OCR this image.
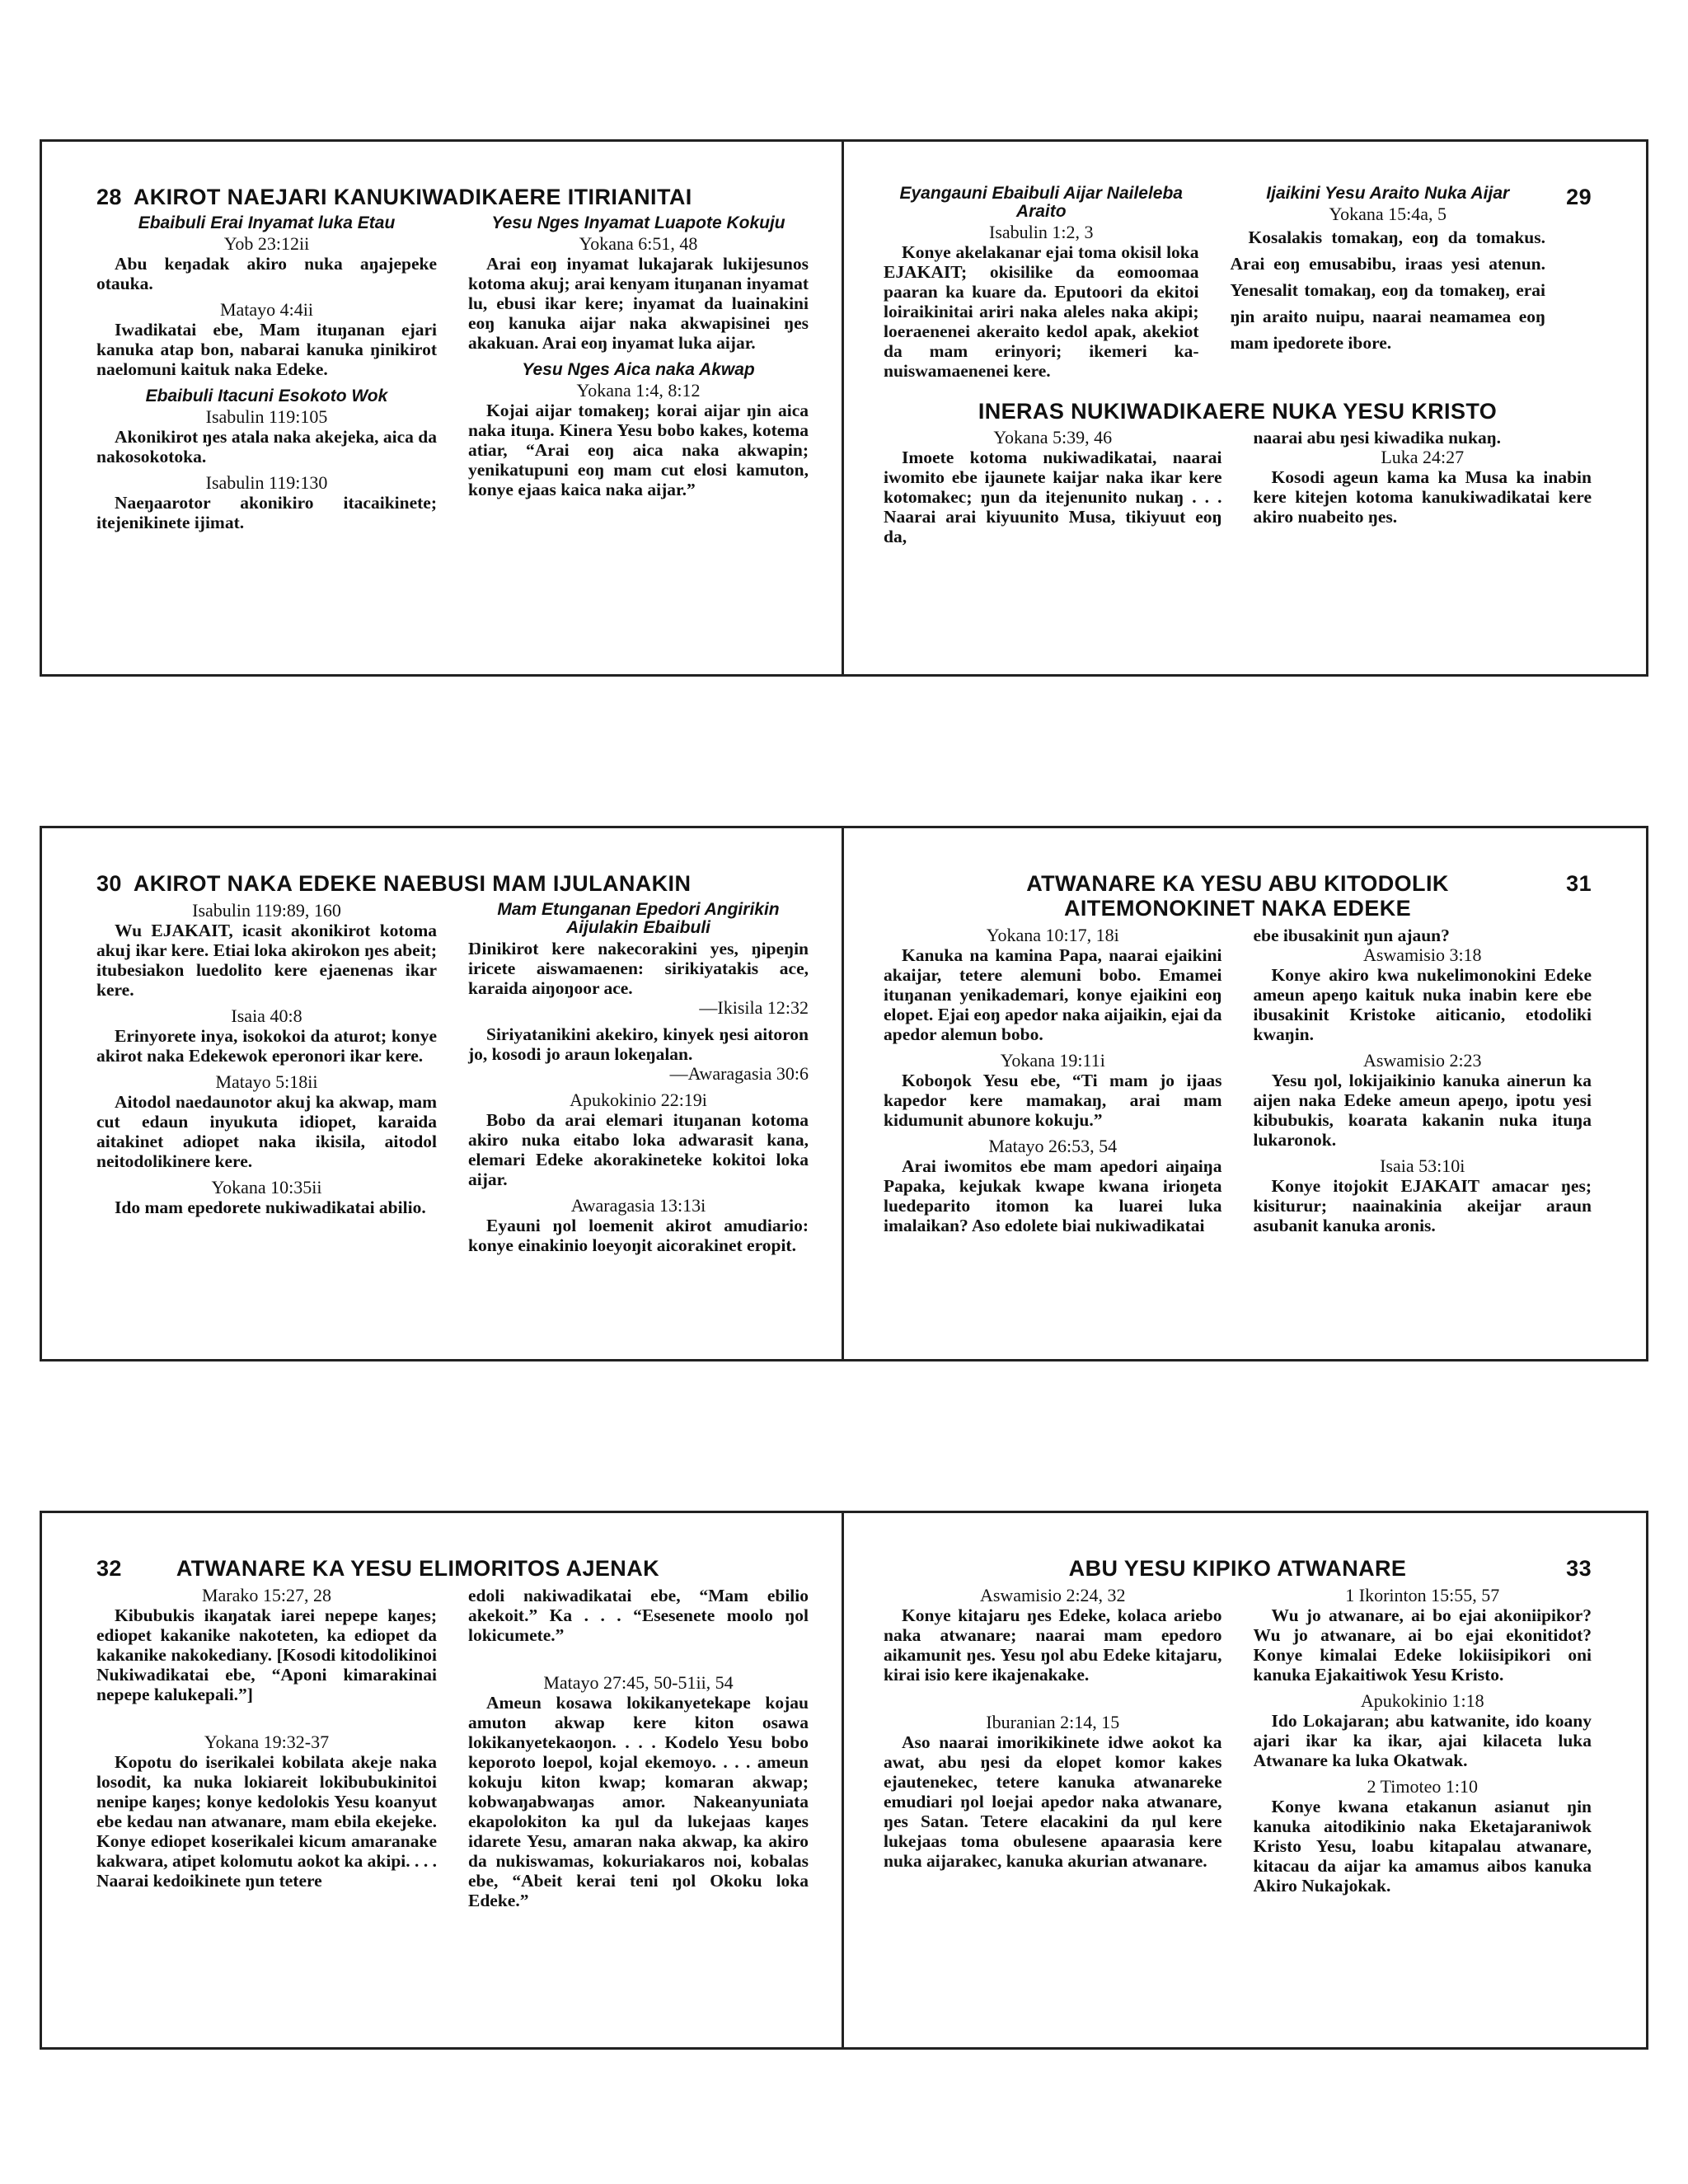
28 AKIROT NAEJARI KANUKIWADIKAERE ITIRIANITAI
Ebaibuli Erai Inyamat luka Etau
Yob 23:12ii
Abu keŋadak akiro nuka aŋajepeke otauka.
Matayo 4:4ii
Iwadikatai ebe, Mam ituŋanan ejari kanuka atap bon, nabarai kanuka ŋinikirot naelomuni kaituk naka Edeke.
Ebaibuli Itacuni Esokoto Wok
Isabulin 119:105
Akonikirot ŋes atala naka akejeka, aica da nakosokotoka.
Isabulin 119:130
Naeŋaarotor akonikiro itacaikinete; itejenikinete ijimat.
Yesu Nges Inyamat Luapote Kokuju
Yokana 6:51, 48
Arai eoŋ inyamat lukajarak lukijesunos kotoma akuj; arai kenyam ituŋanan inyamat lu, ebusi ikar kere; inyamat da luainakini eoŋ kanuka aijar naka akwapisinei ŋes akakuan. Arai eoŋ inyamat luka aijar.
Yesu Nges Aica naka Akwap
Yokana 1:4, 8:12
Kojai aijar tomakeŋ; korai aijar ŋin aica naka ituŋa. Kinera Yesu bobo kakes, kotema atiar, “Arai eoŋ aica naka akwapin; yenikatupuni eoŋ mam cut elosi kamuton, konye ejaas kaica naka aijar.”
29
Eyangauni Ebaibuli Aijar Naileleba Araito
Isabulin 1:2, 3
Konye akelakanar ejai toma okisil loka EJAKAIT; okisilike da eomoomaa paaran ka kuare da. Eputoori da ekitoi loiraikinitai ariri naka aleles naka akipi; loeraenenei akeraito kedol apak, akekiot da mam erinyori; ikemeri kanuiswamaenenei kere.
Ijaikini Yesu Araito Nuka Aijar
Yokana 15:4a, 5
Kosalakis tomakaŋ, eoŋ da tomakus. Arai eoŋ emusabibu, iraas yesi atenun. Yenesalit tomakaŋ, eoŋ da tomakeŋ, erai ŋin araito nuipu, naarai neamamea eoŋ mam ipedorete ibore.
INERAS NUKIWADIKAERE NUKA YESU KRISTO
Yokana 5:39, 46
Imoete kotoma nukiwadikatai, naarai iwomito ebe ijaunete kaijar naka ikar kere kotomakec; ŋun da itejenunito nukaŋ . . . Naarai arai kiyuunito Musa, tikiyuut eoŋ da,
naarai abu ŋesi kiwadika nukaŋ.
Luka 24:27
Kosodi ageun kama ka Musa ka inabin kere kitejen kotoma kanukiwadikatai kere akiro nuabeito ŋes.
30 AKIROT NAKA EDEKE NAEBUSI MAM IJULANAKIN
Isabulin 119:89, 160
Wu EJAKAIT, icasit akonikirot kotoma akuj ikar kere. Etiai loka akirokon ŋes abeit; itubesiakon luedolito kere ejaenenas ikar kere.
Isaia 40:8
Erinyorete inya, isokokoi da aturot; konye akirot naka Edekewok eperonori ikar kere.
Matayo 5:18ii
Aitodol naedaunotor akuj ka akwap, mam cut edaun inyukuta idiopet, karaida aitakinet adiopet naka ikisila, aitodol neitodolikinere kere.
Yokana 10:35ii
Ido mam epedorete nukiwadikatai abilio.
Mam Etunganan Epedori Angirikin Aijulakin Ebaibuli
Ŋinikirot kere nakecorakini yes, ŋipeŋin iricete aiswamaenen: sirikiyatakis ace, karaida aiŋoŋoor ace.
—Ikisila 12:32
Siriyatanikini akekiro, kinyek ŋesi aitoron jo, kosodi jo araun lokeŋalan.
—Awaragasia 30:6
Apukokinio 22:19i
Bobo da arai elemari ituŋanan kotoma akiro nuka eitabo loka adwarasit kana, elemari Edeke akorakineteke kokitoi loka aijar.
Awaragasia 13:13i
Eyauni ŋol loemenit akirot amudiario: konye einakinio loeyoŋit aicorakinet eropit.
ATWANARE KA YESU ABU KITODOLIK AITEMONOKINET NAKA EDEKE
31
Yokana 10:17, 18i
Kanuka na kamina Papa, naarai ejaikini akaijar, tetere alemuni bobo. Emamei ituŋanan yenikademari, konye ejaikini eoŋ elopet. Ejai eoŋ apedor naka aijaikin, ejai da apedor alemun bobo.
Yokana 19:11i
Koboŋok Yesu ebe, “Ti mam jo ijaas kapedor kere mamakaŋ, arai mam kidumunit abunore kokuju.”
Matayo 26:53, 54
Arai iwomitos ebe mam apedori aiŋaiŋa Papaka, kejukak kwape kwana irioŋeta luedeparito itomon ka luarei luka imalaikan? Aso edolete biai nukiwadikatai
ebe ibusakinit ŋun ajaun?
Aswamisio 3:18
Konye akiro kwa nukelimonokini Edeke ameun apeŋo kaituk nuka inabin kere ebe ibusakinit Kristoke aiticanio, etodoliki kwaŋin.
Aswamisio 2:23
Yesu ŋol, lokijaikinio kanuka ainerun ka aijen naka Edeke ameun apeŋo, ipotu yesi kibubukis, koarata kakanin nuka ituŋa lukaronok.
Isaia 53:10i
Konye itojokit EJAKAIT amacar ŋes; kisiturur; naainakinia akeijar araun asubanit kanuka aronis.
32 ATWANARE KA YESU ELIMORITOS AJENAK
Marako 15:27, 28
Kibubukis ikaŋatak iarei nepepe kaŋes; ediopet kakanike nakoteten, ka ediopet da kakanike nakokediany. [Kosodi kitodolikinoi Nukiwadikatai ebe, “Aponi kimarakinai nepepe kalukepali.”]
Yokana 19:32-37
Kopotu do iserikalei kobilata akeje naka losodit, ka nuka lokiareit lokibubukinitoi nenipe kaŋes; konye kedolokis Yesu koanyut ebe kedau nan atwanare, mam ebila ekejeke. Konye ediopet koserikalei kicum amaranake kakwara, atipet kolomutu aokot ka akipi. . . . Naarai kedoikinete ŋun tetere
edoli nakiwadikatai ebe, “Mam ebilio akekoit.” Ka . . . “Esesenete moolo ŋol lokicumete.”
Matayo 27:45, 50-51ii, 54
Ameun kosawa lokikanyetekape kojau amuton akwap kere kiton osawa lokikanyetekaoŋon. . . . Kodelo Yesu bobo keporoto loepol, kojal ekemoyo. . . . ameun kokuju kiton kwap; komaran akwap; kobwaŋabwaŋas amor. Nakeanyuniata ekapolokiton ka ŋul da lukejaas kaŋes idarete Yesu, amaran naka akwap, ka akiro da nukiswamas, kokuriakaros noi, kobalas ebe, “Abeit kerai teni ŋol Okoku loka Edeke.”
ABU YESU KIPIKO ATWANARE	33
Aswamisio 2:24, 32
Konye kitajaru ŋes Edeke, kolaca ariebo naka atwanare; naarai mam epedoro aikamunit ŋes. Yesu ŋol abu Edeke kitajaru, kirai isio kere ikajenakake.
Iburanian 2:14, 15
Aso naarai imorikikinete idwe aokot ka awat, abu ŋesi da elopet komor kakes ejautenekec, tetere kanuka atwanareke emudiari ŋol loejai apedor naka atwanare, ŋes Satan. Tetere elacakini da ŋul kere lukejaas toma obulesene apaarasia kere nuka aijarakec, kanuka akurian atwanare.
1 Ikorinton 15:55, 57
Wu jo atwanare, ai bo ejai akoniipikor? Wu jo atwanare, ai bo ejai ekonitidot? Konye kimalai Edeke lokiisipikori oni kanuka Ejakaitiwok Yesu Kristo.
Apukokinio 1:18
Ido Lokajaran; abu katwanite, ido koany ajari ikar ka ikar, ajai kilaceta luka Atwanare ka luka Okatwak.
2 Timoteo 1:10
Konye kwana etakanun asianut ŋin kanuka aitodikinio naka Eketajaraniwok Kristo Yesu, loabu kitapalau atwanare, kitacau da aijar ka amamus aibos kanuka Akiro Nukajokak.
